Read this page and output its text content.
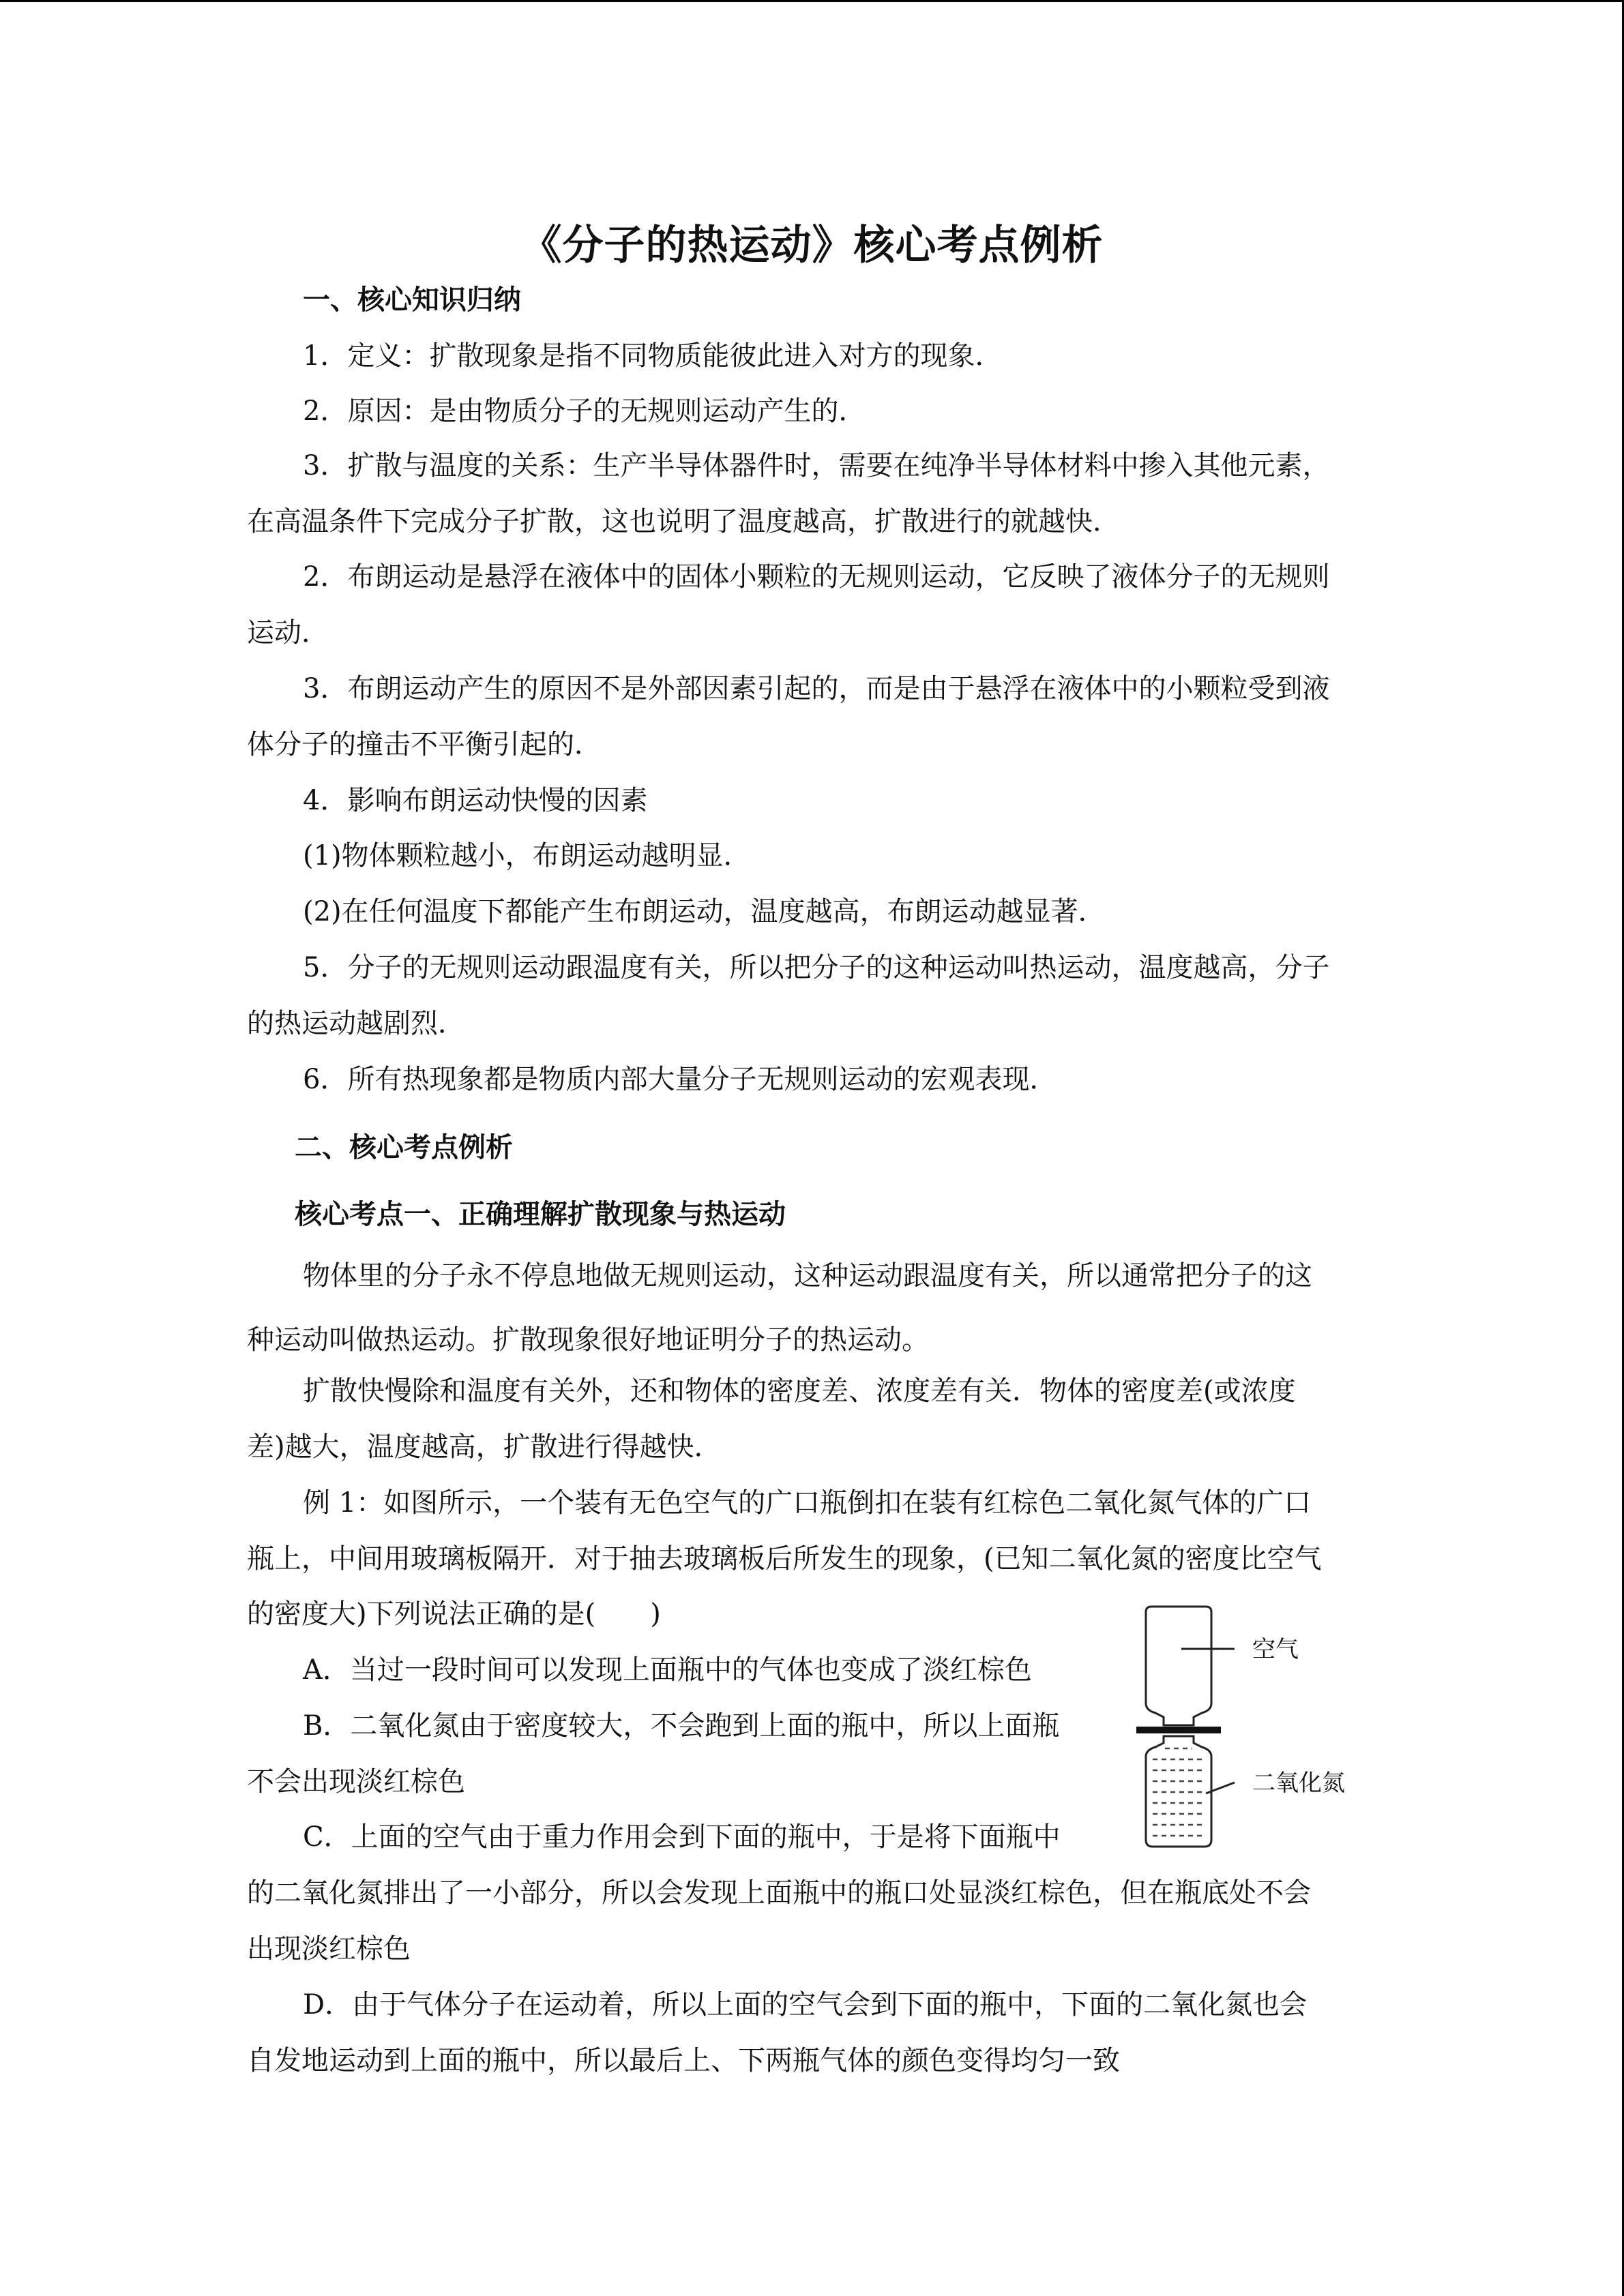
《分子的热运动》核心考点例析
一、核心知识归纳
1．定义：扩散现象是指不同物质能彼此进入对方的现象．
2．原因：是由物质分子的无规则运动产生的．
3．扩散与温度的关系：生产半导体器件时，需要在纯净半导体材料中掺入其他元素，
在高温条件下完成分子扩散，这也说明了温度越高，扩散进行的就越快．
2．布朗运动是悬浮在液体中的固体小颗粒的无规则运动，它反映了液体分子的无规则
运动．
3．布朗运动产生的原因不是外部因素引起的，而是由于悬浮在液体中的小颗粒受到液
体分子的撞击不平衡引起的．
4．影响布朗运动快慢的因素
(1)物体颗粒越小，布朗运动越明显．
(2)在任何温度下都能产生布朗运动，温度越高，布朗运动越显著．
5．分子的无规则运动跟温度有关，所以把分子的这种运动叫热运动，温度越高，分子
的热运动越剧烈．
6．所有热现象都是物质内部大量分子无规则运动的宏观表现．
二、核心考点例析
核心考点一、正确理解扩散现象与热运动
物体里的分子永不停息地做无规则运动，这种运动跟温度有关，所以通常把分子的这
种运动叫做热运动。扩散现象很好地证明分子的热运动。
扩散快慢除和温度有关外，还和物体的密度差、浓度差有关．物体的密度差(或浓度
差)越大，温度越高，扩散进行得越快．
例 1：如图所示，一个装有无色空气的广口瓶倒扣在装有红棕色二氧化氮气体的广口
瓶上，中间用玻璃板隔开．对于抽去玻璃板后所发生的现象，(已知二氧化氮的密度比空气
的密度大)下列说法正确的是(　　)
A．当过一段时间可以发现上面瓶中的气体也变成了淡红棕色
B．二氧化氮由于密度较大，不会跑到上面的瓶中，所以上面瓶
不会出现淡红棕色
C．上面的空气由于重力作用会到下面的瓶中，于是将下面瓶中
的二氧化氮排出了一小部分，所以会发现上面瓶中的瓶口处显淡红棕色，但在瓶底处不会
出现淡红棕色
D．由于气体分子在运动着，所以上面的空气会到下面的瓶中，下面的二氧化氮也会
自发地运动到上面的瓶中，所以最后上、下两瓶气体的颜色变得均匀一致
空气
二氧化氮
